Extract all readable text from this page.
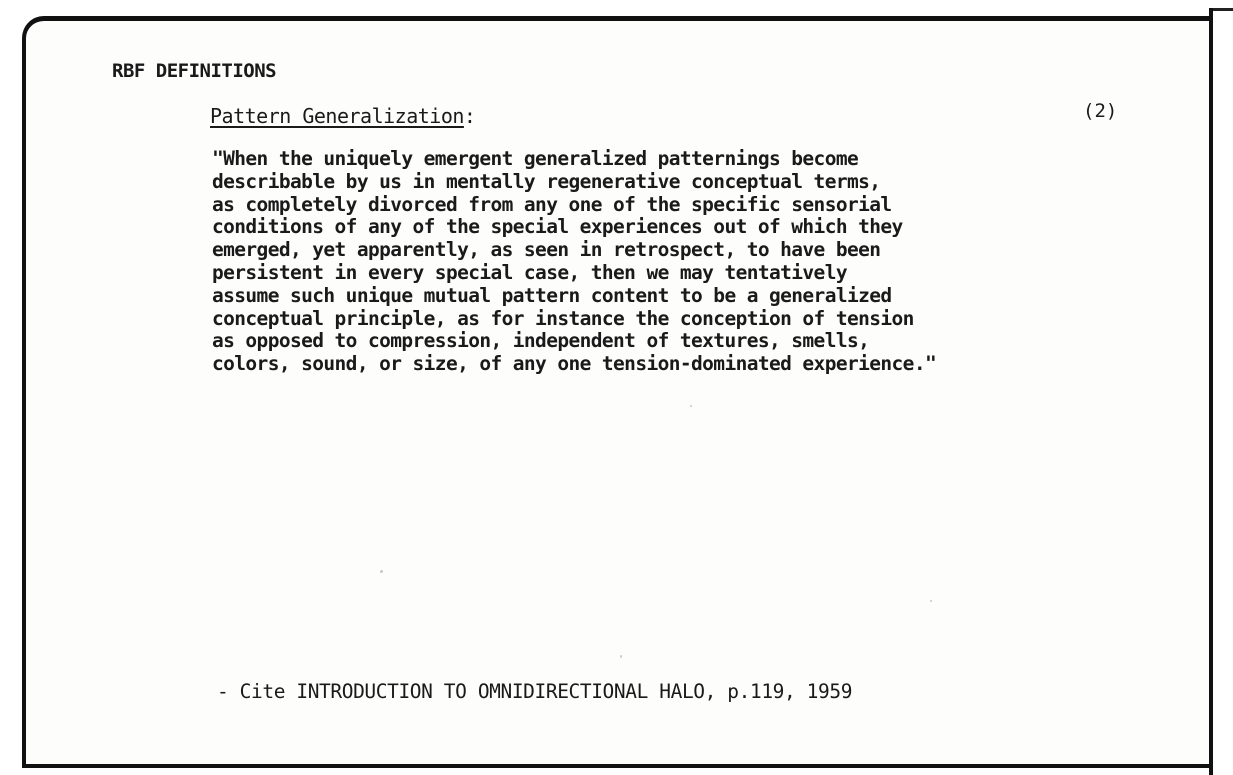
RBF DEFINITIONS
Pattern Generalization:	(2)
"When the uniquely emergent generalized patternings become
describable by us in mentally regenerative conceptual terms,
as completely divorced from any one of the specific sensorial
conditions of any of the special experiences out of which they
emerged, yet apparently, as seen in retrospect, to have been
persistent in every special case, then we may tentatively
assume such unique mutual pattern content to be a generalized
conceptual principle, as for instance the conception of tension
as opposed to compression, independent of textures, smells,
colors, sound, or size, of any one tension-dominated experience."
- Cite INTRODUCTION TO OMNIDIRECTIONAL HALO, p.119, 1959
